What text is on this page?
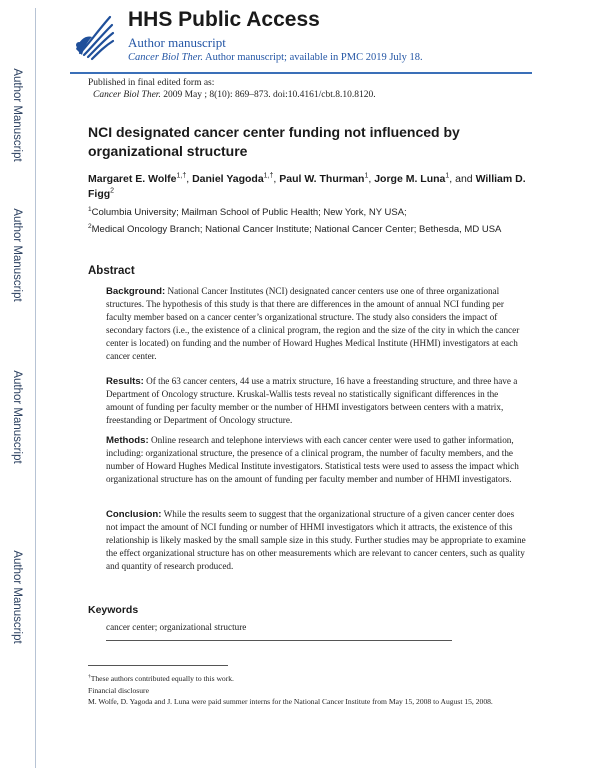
Author Manuscript
Author Manuscript
Author Manuscript
Author Manuscript
HHS Public Access
Author manuscript
Cancer Biol Ther. Author manuscript; available in PMC 2019 July 18.
Published in final edited form as:
Cancer Biol Ther. 2009 May ; 8(10): 869–873. doi:10.4161/cbt.8.10.8120.
NCI designated cancer center funding not influenced by organizational structure
Margaret E. Wolfe$^{1,\dagger}$, Daniel Yagoda$^{1,\dagger}$, Paul W. Thurman$^1$, Jorge M. Luna$^1$, and William D. Figg$^2$
$^1$Columbia University; Mailman School of Public Health; New York, NY USA;
$^2$Medical Oncology Branch; National Cancer Institute; National Cancer Center; Bethesda, MD USA
Abstract
Background: National Cancer Institutes (NCI) designated cancer centers use one of three organizational structures. The hypothesis of this study is that there are differences in the amount of annual NCI funding per faculty member based on a cancer center’s organizational structure. The study also considers the impact of secondary factors (i.e., the existence of a clinical program, the region and the size of the city in which the cancer center is located) on funding and the number of Howard Hughes Medical Institute (HHMI) investigators at each cancer center.
Results: Of the 63 cancer centers, 44 use a matrix structure, 16 have a freestanding structure, and three have a Department of Oncology structure. Kruskal-Wallis tests reveal no statistically significant differences in the amount of funding per faculty member or the number of HHMI investigators between centers with a matrix, freestanding or Department of Oncology structure.
Methods: Online research and telephone interviews with each cancer center were used to gather information, including: organizational structure, the presence of a clinical program, the number of faculty members, and the number of Howard Hughes Medical Institute investigators. Statistical tests were used to assess the impact which organizational structure has on the amount of funding per faculty member and number of HHMI investigators.
Conclusion: While the results seem to suggest that the organizational structure of a given cancer center does not impact the amount of NCI funding or number of HHMI investigators which it attracts, the existence of this relationship is likely masked by the small sample size in this study. Further studies may be appropriate to examine the effect organizational structure has on other measurements which are relevant to cancer centers, such as quality and quantity of research produced.
Keywords
cancer center; organizational structure
†These authors contributed equally to this work.
Financial disclosure
M. Wolfe, D. Yagoda and J. Luna were paid summer interns for the National Cancer Institute from May 15, 2008 to August 15, 2008.
